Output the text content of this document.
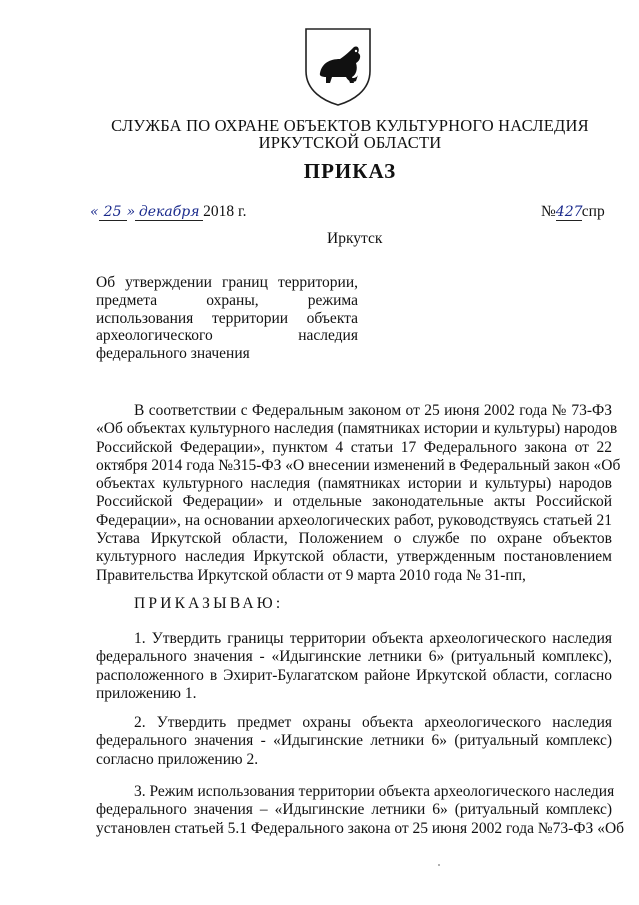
СЛУЖБА ПО ОХРАНЕ ОБЪЕКТОВ КУЛЬТУРНОГО НАСЛЕДИЯ
ИРКУТСКОЙ ОБЛАСТИ
ПРИКАЗ
« 25 » декабря 2018 г.	№427спр
Иркутск
Об утверждении границ территории,
предмета охраны, режима
использования территории объекта
археологического наследия
федерального значения
В соответствии с Федеральным законом от 25 июня 2002 года № 73-ФЗ
«Об объектах культурного наследия (памятниках истории и культуры) народов
Российской Федерации», пунктом 4 статьи 17 Федерального закона от 22
октября 2014 года №315-ФЗ «О внесении изменений в Федеральный закон «Об
объектах культурного наследия (памятниках истории и культуры) народов
Российской Федерации» и отдельные законодательные акты Российской
Федерации», на основании археологических работ, руководствуясь статьей 21
Устава Иркутской области, Положением о службе по охране объектов
культурного наследия Иркутской области, утвержденным постановлением
Правительства Иркутской области от 9 марта 2010 года № 31-пп,
ПРИКАЗЫВАЮ:
1. Утвердить границы территории объекта археологического наследия
федерального значения - «Идыгинские летники 6» (ритуальный комплекс),
расположенного в Эхирит-Булагатском районе Иркутской области, согласно
приложению 1.
2. Утвердить предмет охраны объекта археологического наследия
федерального значения - «Идыгинские летники 6» (ритуальный комплекс)
согласно приложению 2.
3. Режим использования территории объекта археологического наследия
федерального значения – «Идыгинские летники 6» (ритуальный комплекс)
установлен статьей 5.1 Федерального закона от 25 июня 2002 года №73-ФЗ «Об
